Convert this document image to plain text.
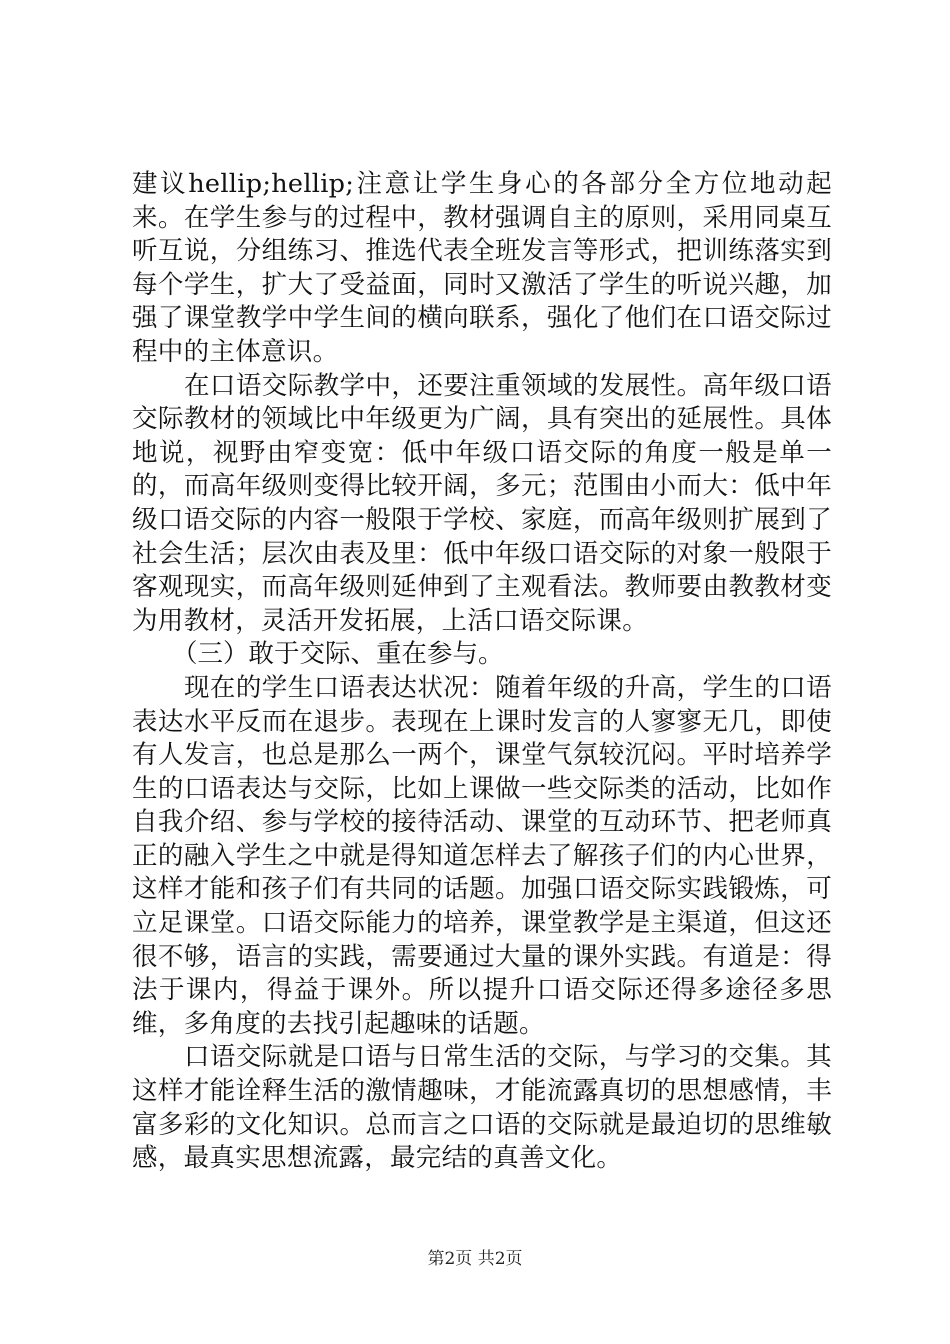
建议hellip;hellip;注意让学生身心的各部分全方位地动起来。在学生参与的过程中，教材强调自主的原则，采用同桌互听互说，分组练习、推选代表全班发言等形式，把训练落实到每个学生，扩大了受益面，同时又激活了学生的听说兴趣，加强了课堂教学中学生间的横向联系，强化了他们在口语交际过程中的主体意识。

在口语交际教学中，还要注重领域的发展性。高年级口语交际教材的领域比中年级更为广阔，具有突出的延展性。具体地说，视野由窄变宽：低中年级口语交际的角度一般是单一的，而高年级则变得比较开阔，多元；范围由小而大：低中年级口语交际的内容一般限于学校、家庭，而高年级则扩展到了社会生活；层次由表及里：低中年级口语交际的对象一般限于客观现实，而高年级则延伸到了主观看法。教师要由教教材变为用教材，灵活开发拓展，上活口语交际课。

（三）敢于交际、重在参与。

现在的学生口语表达状况：随着年级的升高，学生的口语表达水平反而在退步。表现在上课时发言的人寥寥无几，即使有人发言，也总是那么一两个，课堂气氛较沉闷。平时培养学生的口语表达与交际，比如上课做一些交际类的活动，比如作自我介绍、参与学校的接待活动、课堂的互动环节、把老师真正的融入学生之中就是得知道怎样去了解孩子们的内心世界，这样才能和孩子们有共同的话题。加强口语交际实践锻炼，可立足课堂。口语交际能力的培养，课堂教学是主渠道，但这还很不够，语言的实践，需要通过大量的课外实践。有道是：得法于课内，得益于课外。所以提升口语交际还得多途径多思维，多角度的去找引起趣味的话题。

口语交际就是口语与日常生活的交际，与学习的交集。其这样才能诠释生活的激情趣味，才能流露真切的思想感情，丰富多彩的文化知识。总而言之口语的交际就是最迫切的思维敏感，最真实思想流露，最完结的真善文化。

第2页 共2页
